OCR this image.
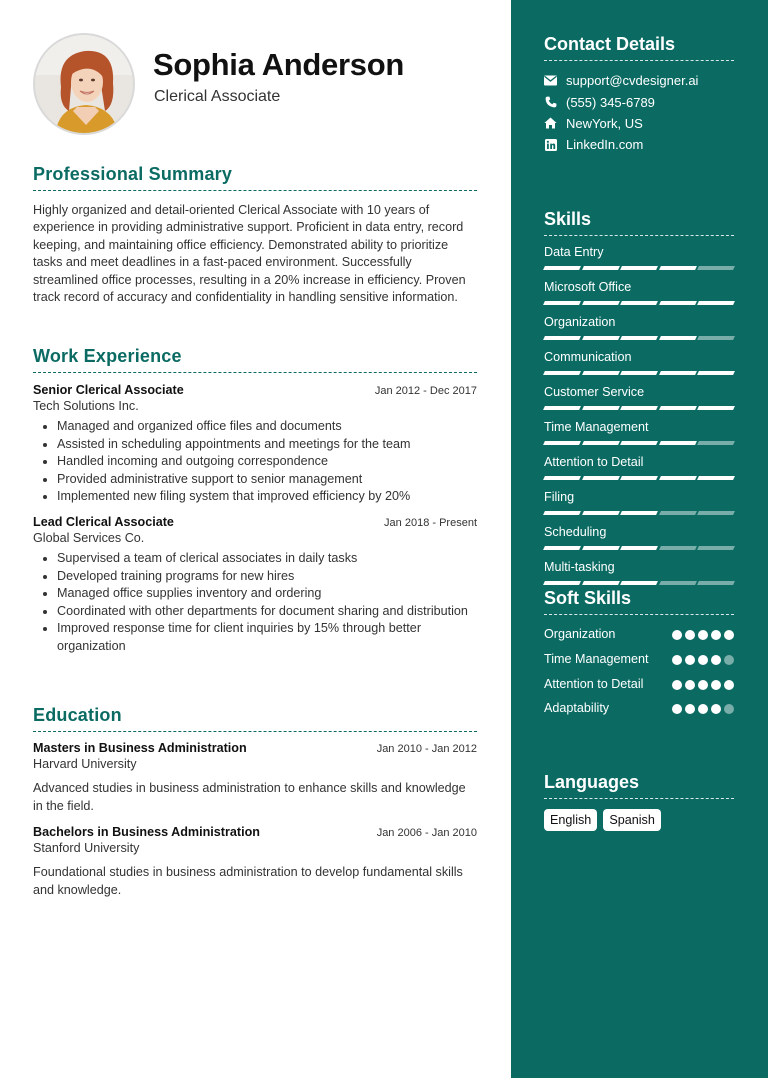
Sophia Anderson
Clerical Associate
Professional Summary

Highly organized and detail-oriented Clerical Associate with 10 years of experience in providing administrative support. Proficient in data entry, record keeping, and maintaining office efficiency. Demonstrated ability to prioritize tasks and meet deadlines in a fast-paced environment. Successfully streamlined office processes, resulting in a 20% increase in efficiency. Proven track record of accuracy and confidentiality in handling sensitive information.

Work Experience
Senior Clerical Associate	Jan 2012 - Dec 2017
Tech Solutions Inc.
• Managed and organized office files and documents
• Assisted in scheduling appointments and meetings for the team
• Handled incoming and outgoing correspondence
• Provided administrative support to senior management
• Implemented new filing system that improved efficiency by 20%
Lead Clerical Associate	Jan 2018 - Present
Global Services Co.
• Supervised a team of clerical associates in daily tasks
• Developed training programs for new hires
• Managed office supplies inventory and ordering
• Coordinated with other departments for document sharing and distribution
• Improved response time for client inquiries by 15% through better organization
Education
Masters in Business Administration	Jan 2010 - Jan 2012
Harvard University

Advanced studies in business administration to enhance skills and knowledge in the field.

Bachelors in Business Administration	Jan 2006 - Jan 2010
Stanford University

Foundational studies in business administration to develop fundamental skills and knowledge.

Contact Details
support@cvdesigner.ai
(555) 345-6789
NewYork, US
LinkedIn.com
Skills
Data Entry
Microsoft Office
Organization
Communication
Customer Service
Time Management
Attention to Detail
Filing
Scheduling
Multi-tasking
Soft Skills
Organization
Time Management
Attention to Detail
Adaptability
Languages
English	Spanish
